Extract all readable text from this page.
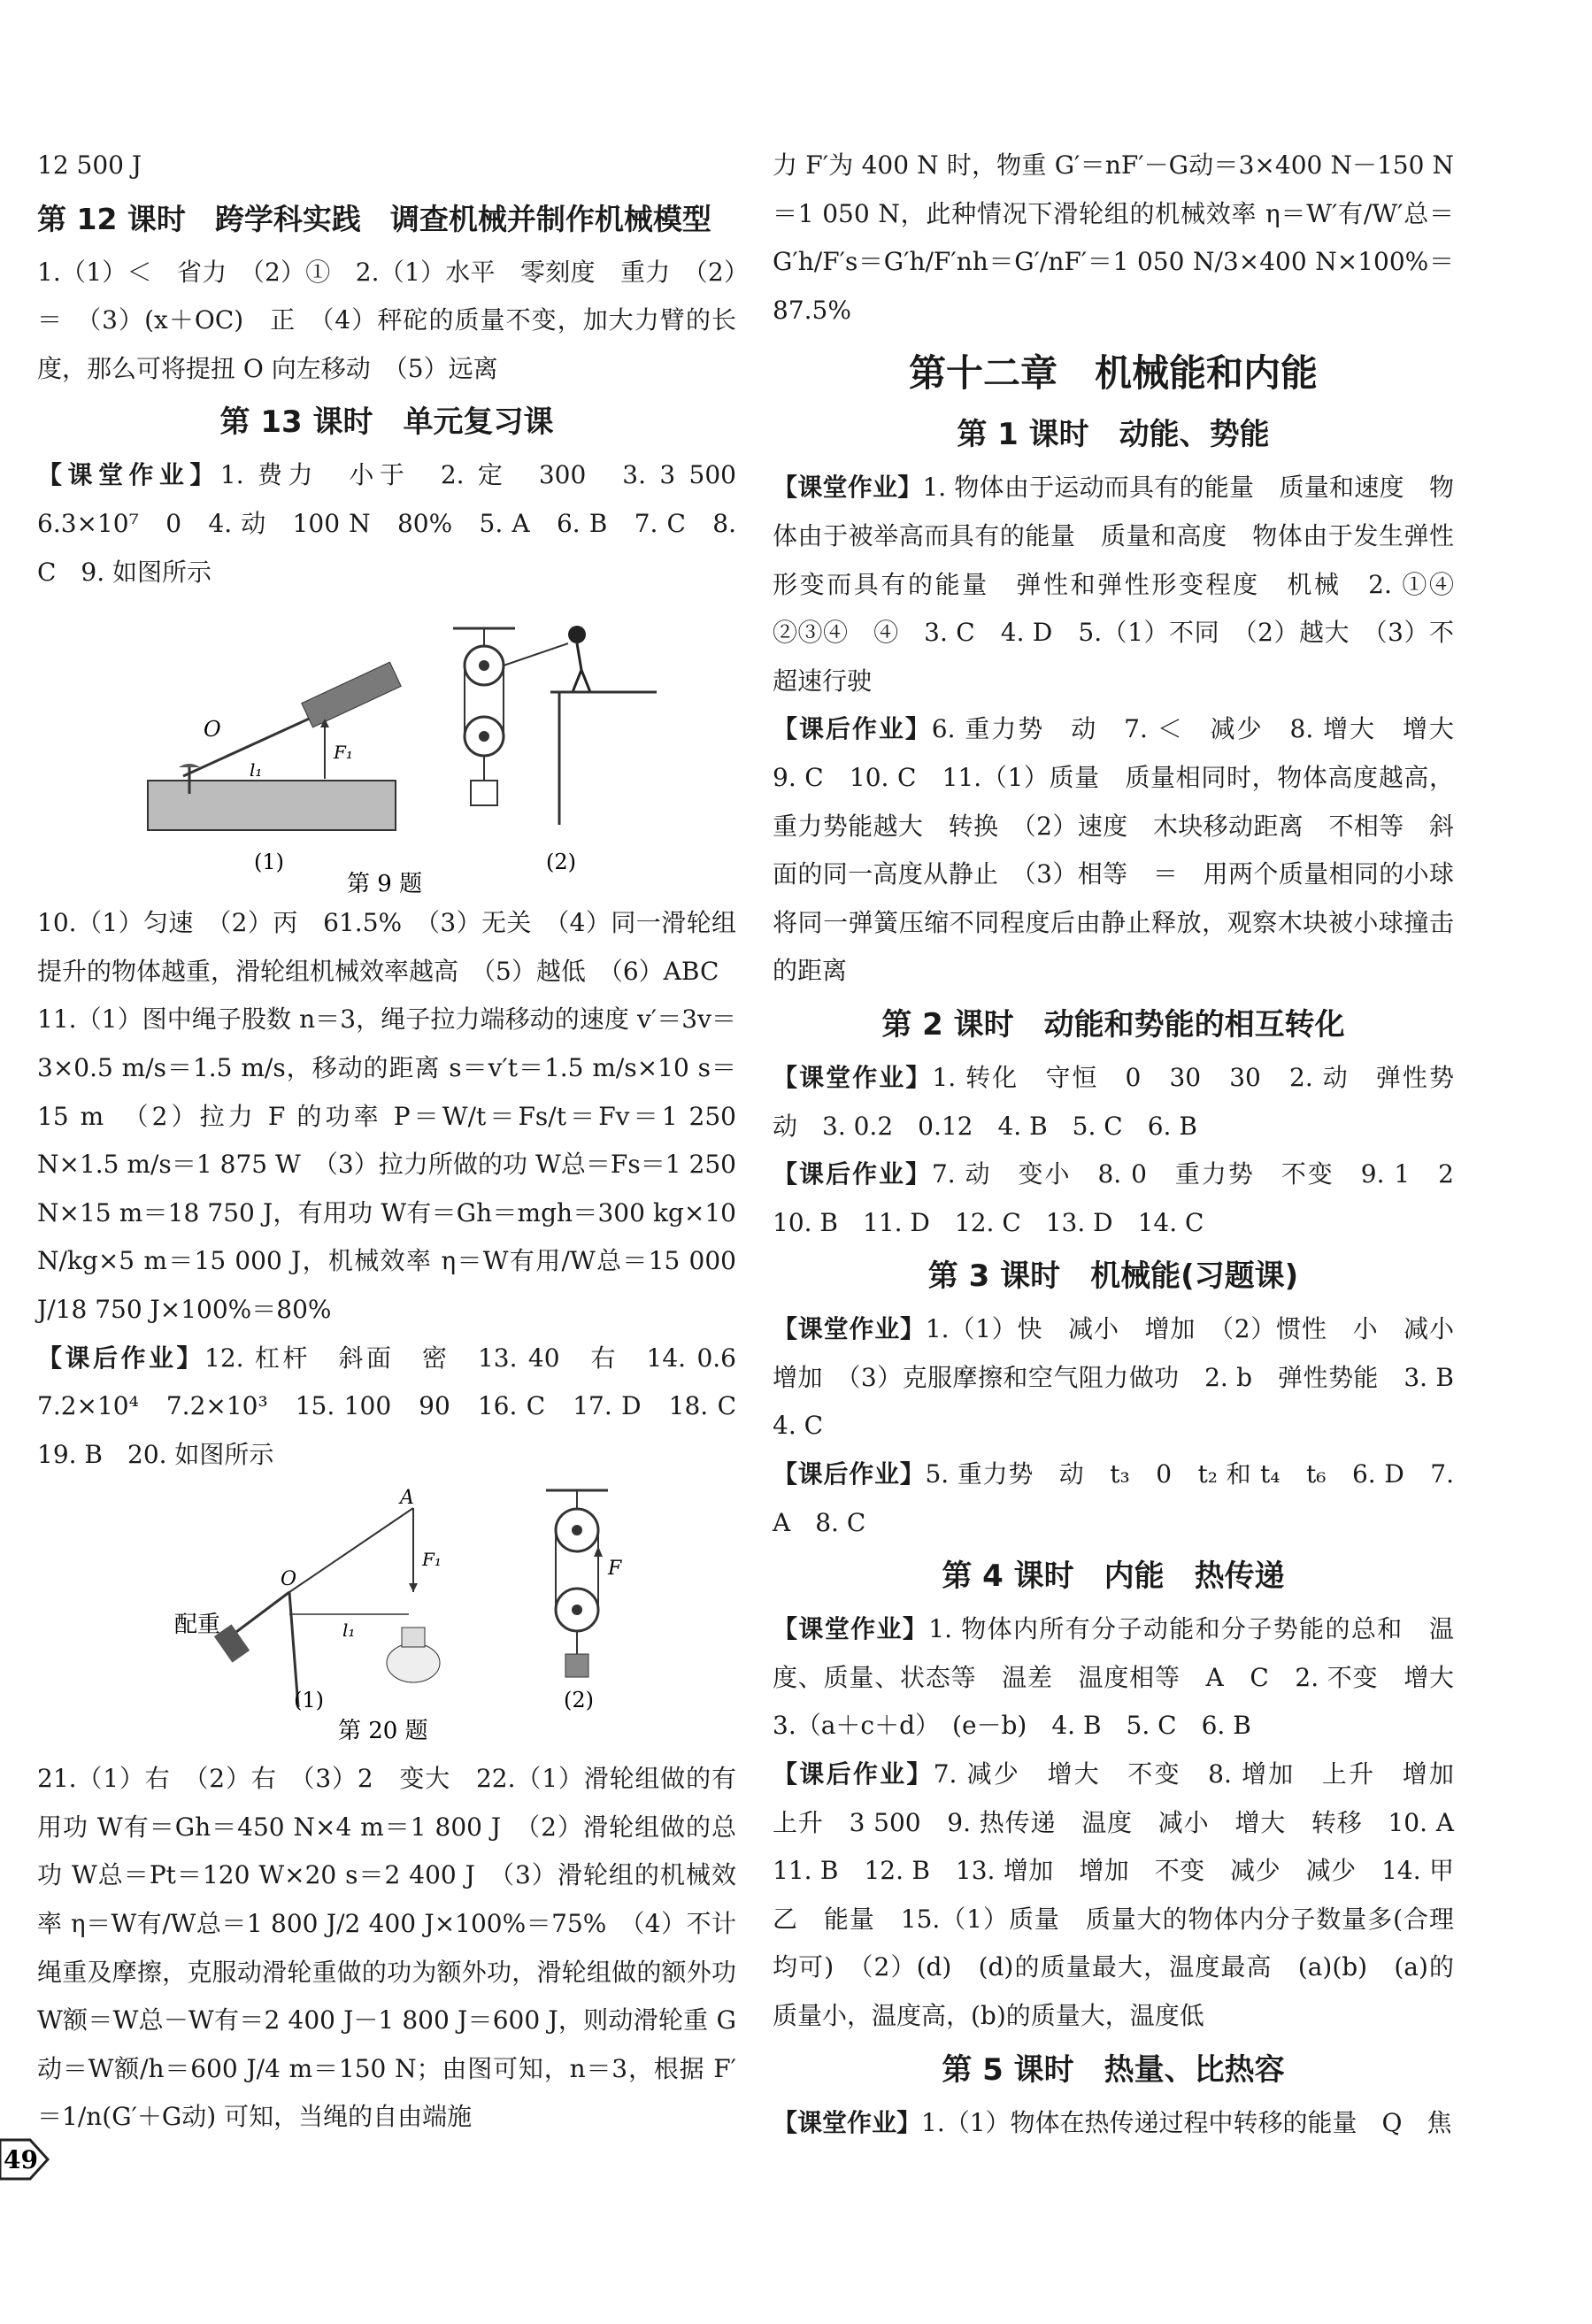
12 500 J

第 12 课时　跨学科实践　调查机械并制作机械模型

1.（1）＜　省力　（2）①　2.（1）水平　零刻度　重力　（2）＝　（3）(x＋OC)　正　（4）秤砣的质量不变，加大力臂的长度，那么可将提扭 O 向左移动　（5）远离

第 13 课时　单元复习课

【课堂作业】1. 费力　小于　2. 定　300　3. 3 500　6.3×10⁷　0　4. 动　100 N　80%　5. A　6. B　7. C　8. C　9. 如图所示

O
l₁
F₁
(1)	(2)
第 9 题

10.（1）匀速　（2）丙　61.5%　（3）无关　（4）同一滑轮组提升的物体越重，滑轮组机械效率越高　（5）越低　（6）ABC

11.（1）图中绳子股数 n＝3，绳子拉力端移动的速度 v′＝3v＝3×0.5 m/s＝1.5 m/s，移动的距离 s＝v′t＝1.5 m/s×10 s＝15 m　（2）拉力 F 的功率 P＝W/t＝Fs/t＝Fv＝1 250 N×1.5 m/s＝1 875 W　（3）拉力所做的功 W总＝Fs＝1 250 N×15 m＝18 750 J，有用功 W有＝Gh＝mgh＝300 kg×10 N/kg×5 m＝15 000 J，机械效率 η＝W有用/W总＝15 000 J/18 750 J×100%＝80%

【课后作业】12. 杠杆　斜面　密　13. 40　右　14. 0.6　7.2×10⁴　7.2×10³　15. 100　90　16. C　17. D　18. C　19. B　20. 如图所示

A
O
l₁
F₁
配重
(1)
F
(2)
第 20 题

21.（1）右　（2）右　（3）2　变大　22.（1）滑轮组做的有用功 W有＝Gh＝450 N×4 m＝1 800 J　（2）滑轮组做的总功 W总＝Pt＝120 W×20 s＝2 400 J　（3）滑轮组的机械效率 η＝W有/W总＝1 800 J/2 400 J×100%＝75%　（4）不计绳重及摩擦，克服动滑轮重做的功为额外功，滑轮组做的额外功 W额＝W总－W有＝2 400 J－1 800 J＝600 J，则动滑轮重 G动＝W额/h＝600 J/4 m＝150 N；由图可知，n＝3，根据 F′＝1/n(G′＋G动) 可知，当绳的自由端施

力 F′为 400 N 时，物重 G′＝nF′－G动＝3×400 N－150 N＝1 050 N，此种情况下滑轮组的机械效率 η＝W′有/W′总＝G′h/F′s＝G′h/F′nh＝G′/nF′＝1 050 N/3×400 N×100%＝87.5%

第十二章　机械能和内能
第 1 课时　动能、势能

【课堂作业】1. 物体由于运动而具有的能量　质量和速度　物体由于被举高而具有的能量　质量和高度　物体由于发生弹性形变而具有的能量　弹性和弹性形变程度　机械　2. ①④　②③④　④　3. C　4. D　5.（1）不同　（2）越大　（3）不超速行驶

【课后作业】6. 重力势　动　7. ＜　减少　8. 增大　增大　9. C　10. C　11.（1）质量　质量相同时，物体高度越高，重力势能越大　转换　（2）速度　木块移动距离　不相等　斜面的同一高度从静止　（3）相等　＝　用两个质量相同的小球将同一弹簧压缩不同程度后由静止释放，观察木块被小球撞击的距离

第 2 课时　动能和势能的相互转化

【课堂作业】1. 转化　守恒　0　30　30　2. 动　弹性势　动　3. 0.2　0.12　4. B　5. C　6. B

【课后作业】7. 动　变小　8. 0　重力势　不变　9. 1　2　10. B　11. D　12. C　13. D　14. C

第 3 课时　机械能(习题课)

【课堂作业】1.（1）快　减小　增加　（2）惯性　小　减小　增加　（3）克服摩擦和空气阻力做功　2. b　弹性势能　3. B　4. C

【课后作业】5. 重力势　动　t₃　0　t₂ 和 t₄　t₆　6. D　7. A　8. C

第 4 课时　内能　热传递

【课堂作业】1. 物体内所有分子动能和分子势能的总和　温度、质量、状态等　温差　温度相等　A　C　2. 不变　增大　3.（a＋c＋d）　(e－b)　4. B　5. C　6. B

【课后作业】7. 减少　增大　不变　8. 增加　上升　增加　上升　3 500　9. 热传递　温度　减小　增大　转移　10. A　11. B　12. B　13. 增加　增加　不变　减少　减少　14. 甲　乙　能量　15.（1）质量　质量大的物体内分子数量多(合理均可)　（2）(d)　(d)的质量最大，温度最高　(a)(b)　(a)的质量小，温度高，(b)的质量大，温度低

第 5 课时　热量、比热容

【课堂作业】1.（1）物体在热传递过程中转移的能量　Q　焦

49
